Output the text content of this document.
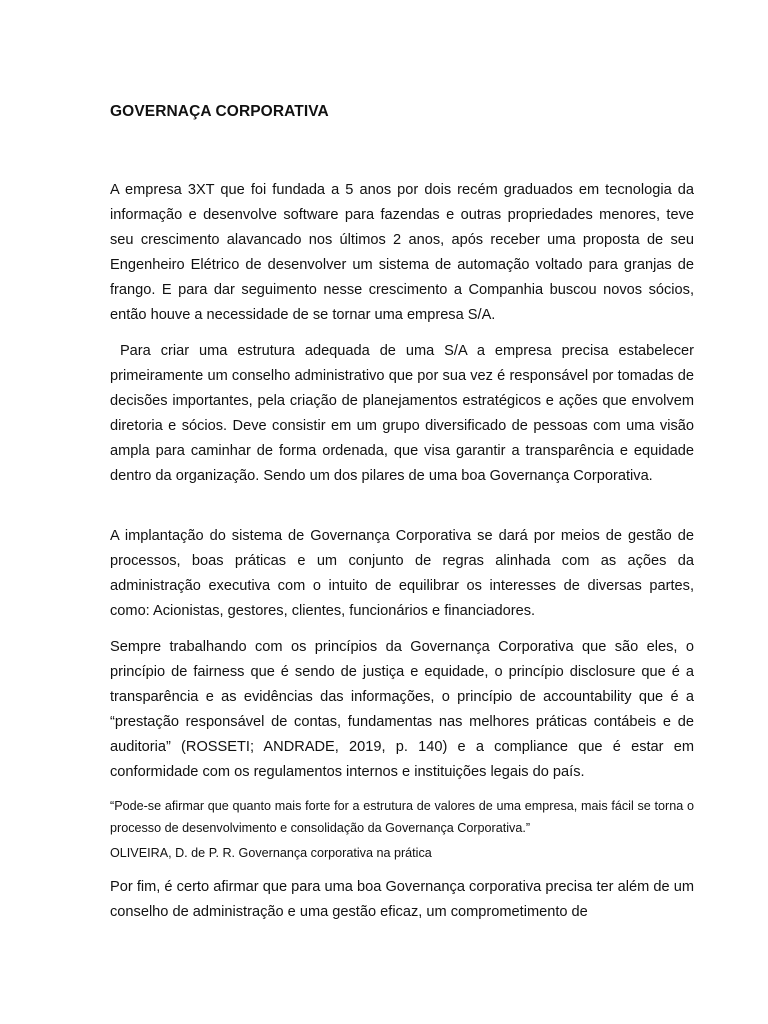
GOVERNAÇA CORPORATIVA

A empresa 3XT que foi fundada a 5 anos por dois recém graduados em tecnologia da informação e desenvolve software para fazendas e outras propriedades menores, teve seu crescimento alavancado nos últimos 2 anos, após receber uma proposta de seu Engenheiro Elétrico de desenvolver um sistema de automação voltado para granjas de frango. E para dar seguimento nesse crescimento a Companhia buscou novos sócios, então houve a necessidade de se tornar uma empresa S/A.

Para criar uma estrutura adequada de uma S/A a empresa precisa estabelecer primeiramente um conselho administrativo que por sua vez é responsável por tomadas de decisões importantes, pela criação de planejamentos estratégicos e ações que envolvem diretoria e sócios. Deve consistir em um grupo diversificado de pessoas com uma visão ampla para caminhar de forma ordenada, que visa garantir a transparência e equidade dentro da organização. Sendo um dos pilares de uma boa Governança Corporativa.

A implantação do sistema de Governança Corporativa se dará por meios de gestão de processos, boas práticas e um conjunto de regras alinhada com as ações da administração executiva com o intuito de equilibrar os interesses de diversas partes, como: Acionistas, gestores, clientes, funcionários e financiadores.

Sempre trabalhando com os princípios da Governança Corporativa que são eles, o princípio de fairness que é sendo de justiça e equidade, o princípio disclosure que é a transparência e as evidências das informações, o princípio de accountability que é a “prestação responsável de contas, fundamentas nas melhores práticas contábeis e de auditoria” (ROSSETI; ANDRADE, 2019, p. 140) e a compliance que é estar em conformidade com os regulamentos internos e instituições legais do país.

“Pode-se afirmar que quanto mais forte for a estrutura de valores de uma empresa, mais fácil se torna o processo de desenvolvimento e consolidação da Governança Corporativa.”

OLIVEIRA, D. de P. R. Governança corporativa na prática

Por fim, é certo afirmar que para uma boa Governança corporativa precisa ter além de um conselho de administração e uma gestão eficaz, um comprometimento de
